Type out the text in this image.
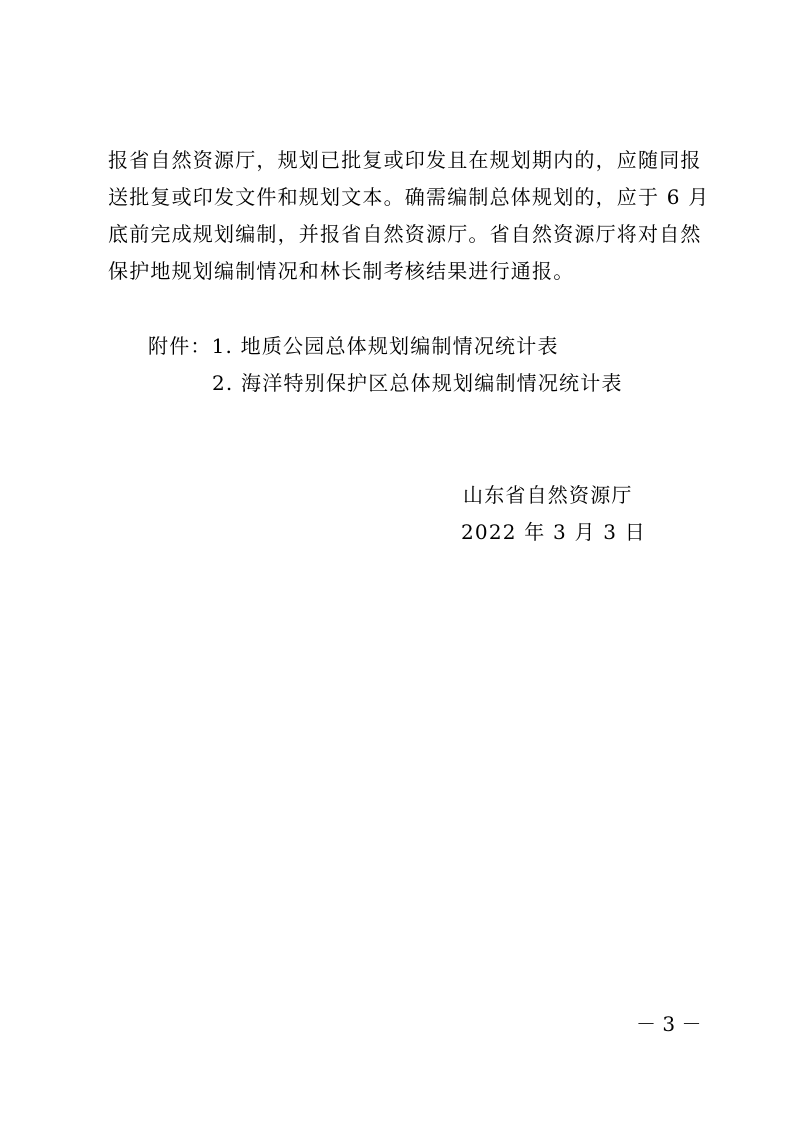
报省自然资源厅，规划已批复或印发且在规划期内的，应随同报
送批复或印发文件和规划文本。确需编制总体规划的，应于 6 月
底前完成规划编制，并报省自然资源厅。省自然资源厅将对自然
保护地规划编制情况和林长制考核结果进行通报。
附件：1. 地质公园总体规划编制情况统计表
2. 海洋特别保护区总体规划编制情况统计表
山东省自然资源厅
2022 年 3 月 3 日
－ 3 －
